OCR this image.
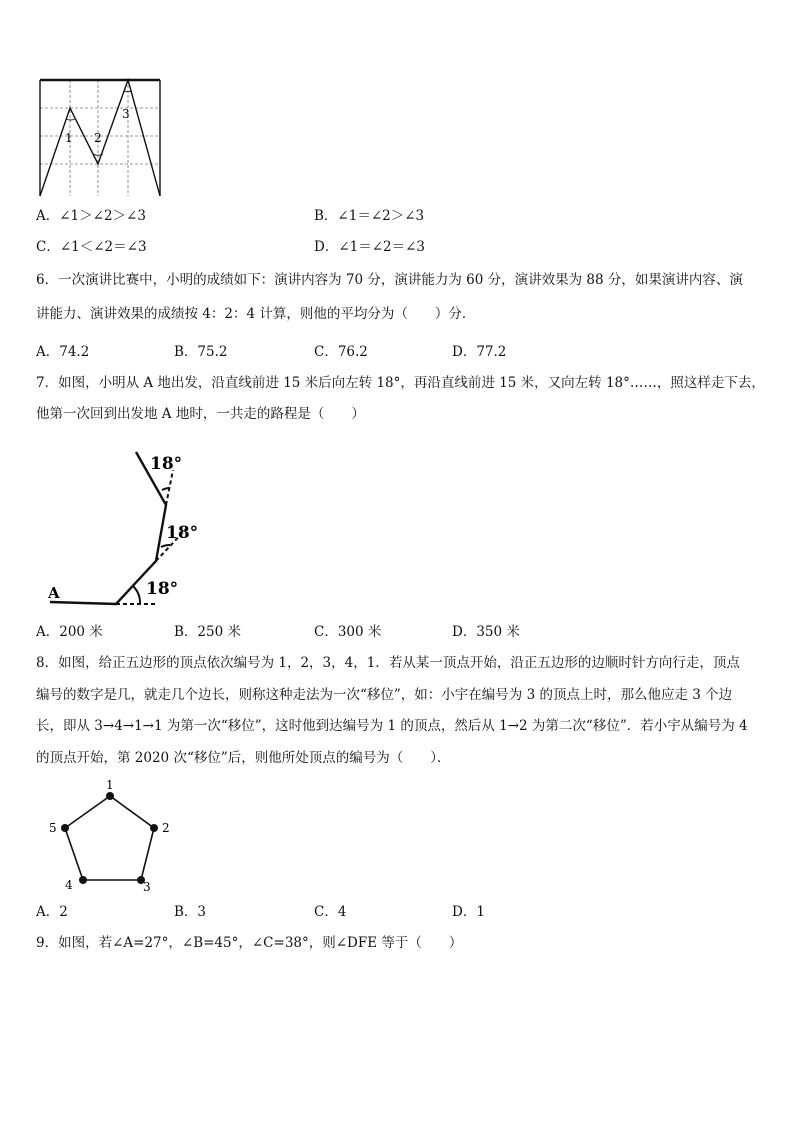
1 2
3
A．∠1＞∠2＞∠3	B．∠1＝∠2＞∠3
C．∠1＜∠2＝∠3	D．∠1＝∠2＝∠3
6．一次演讲比赛中，小明的成绩如下：演讲内容为 70 分，演讲能力为 60 分，演讲效果为 88 分，如果演讲内容、演
讲能力、演讲效果的成绩按 4：2：4 计算，则他的平均分为（　　）分．
A．74.2	B．75.2	C．76.2	D．77.2
7．如图，小明从 A 地出发，沿直线前进 15 米后向左转 18°，再沿直线前进 15 米，又向左转 18°……，照这样走下去，
他第一次回到出发地 A 地时，一共走的路程是（　　）
18°
18°
18°
A
A．200 米	B．250 米	C．300 米	D．350 米
8．如图，给正五边形的顶点依次编号为 1，2，3，4，1．若从某一顶点开始，沿正五边形的边顺时针方向行走，顶点
编号的数字是几，就走几个边长，则称这种走法为一次“移位”，如：小宇在编号为 3 的顶点上时，那么他应走 3 个边
长，即从 3→4→1→1 为第一次“移位”，这时他到达编号为 1 的顶点，然后从 1→2 为第二次“移位”．若小宇从编号为 4
的顶点开始，第 2020 次“移位”后，则他所处顶点的编号为（　　）．
1
2
3
4
5
A．2	B．3	C．4	D．1
9．如图，若∠A=27°，∠B=45°，∠C=38°，则∠DFE 等于（　　）
